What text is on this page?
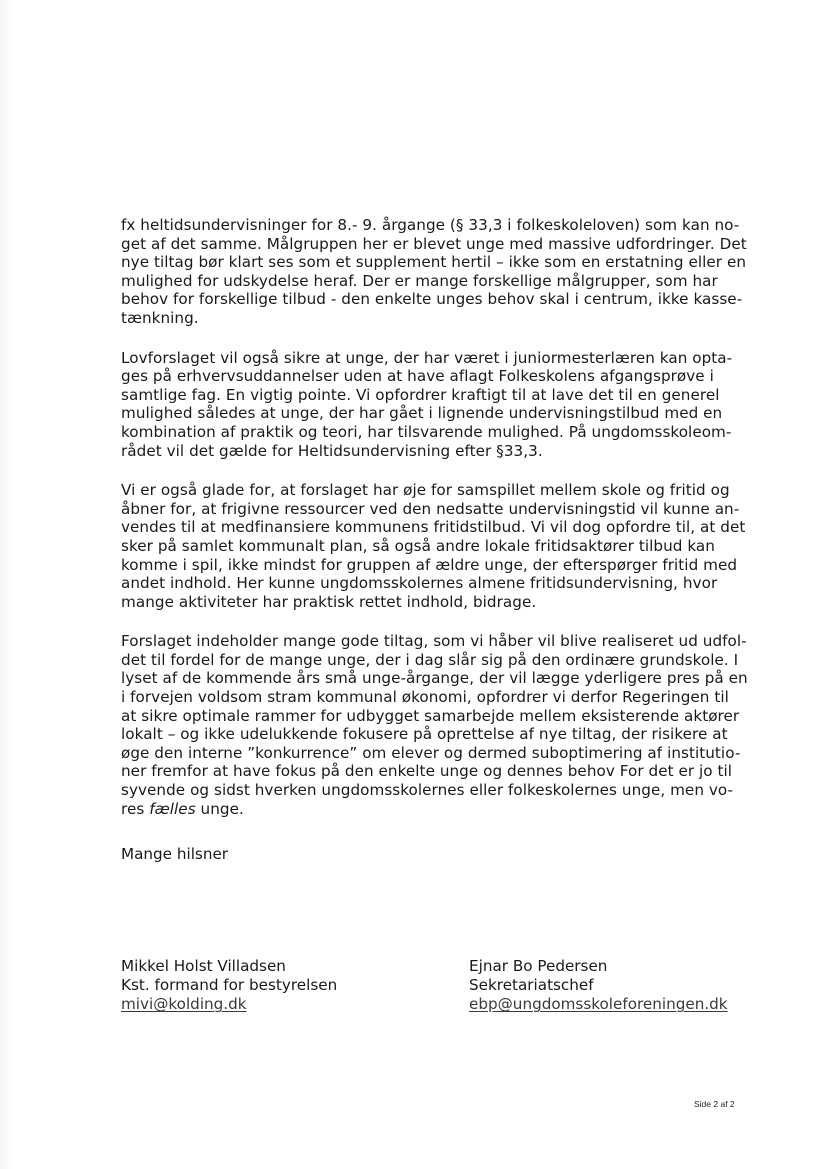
fx heltidsundervisninger for 8.- 9. årgange (§ 33,3 i folkeskoleloven) som kan no-
get af det samme. Målgruppen her er blevet unge med massive udfordringer. Det
nye tiltag bør klart ses som et supplement hertil – ikke som en erstatning eller en
mulighed for udskydelse heraf. Der er mange forskellige målgrupper, som har
behov for forskellige tilbud - den enkelte unges behov skal i centrum, ikke kasse-
tænkning.
Lovforslaget vil også sikre at unge, der har været i juniormesterlæren kan opta-
ges på erhvervsuddannelser uden at have aflagt Folkeskolens afgangsprøve i
samtlige fag. En vigtig pointe. Vi opfordrer kraftigt til at lave det til en generel
mulighed således at unge, der har gået i lignende undervisningstilbud med en
kombination af praktik og teori, har tilsvarende mulighed. På ungdomsskoleom-
rådet vil det gælde for Heltidsundervisning efter §33,3.
Vi er også glade for, at forslaget har øje for samspillet mellem skole og fritid og
åbner for, at frigivne ressourcer ved den nedsatte undervisningstid vil kunne an-
vendes til at medfinansiere kommunens fritidstilbud. Vi vil dog opfordre til, at det
sker på samlet kommunalt plan, så også andre lokale fritidsaktører tilbud kan
komme i spil, ikke mindst for gruppen af ældre unge, der efterspørger fritid med
andet indhold. Her kunne ungdomsskolernes almene fritidsundervisning, hvor
mange aktiviteter har praktisk rettet indhold, bidrage.
Forslaget indeholder mange gode tiltag, som vi håber vil blive realiseret ud udfol-
det til fordel for de mange unge, der i dag slår sig på den ordinære grundskole. I
lyset af de kommende års små unge-årgange, der vil lægge yderligere pres på en
i forvejen voldsom stram kommunal økonomi, opfordrer vi derfor Regeringen til
at sikre optimale rammer for udbygget samarbejde mellem eksisterende aktører
lokalt – og ikke udelukkende fokusere på oprettelse af nye tiltag, der risikere at
øge den interne ”konkurrence” om elever og dermed suboptimering af institutio-
ner fremfor at have fokus på den enkelte unge og dennes behov For det er jo til
syvende og sidst hverken ungdomsskolernes eller folkeskolernes unge, men vo-
res fælles unge.
Mange hilsner
Mikkel Holst Villadsen
Kst. formand for bestyrelsen
mivi@kolding.dk
Ejnar Bo Pedersen
Sekretariatschef
ebp@ungdomsskoleforeningen.dk
Side 2 af 2
